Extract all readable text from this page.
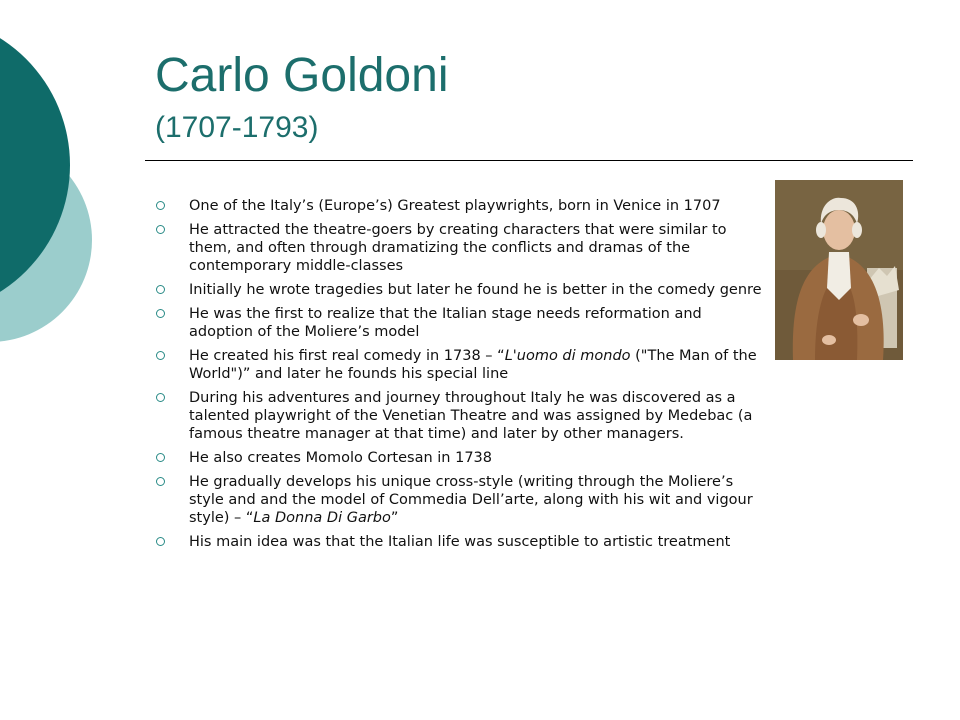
Carlo Goldoni
(1707-1793)
One of the Italy’s (Europe’s) Greatest playwrights, born in Venice in 1707
He attracted the theatre-goers by creating characters that were similar to them, and often through dramatizing the conflicts and dramas of the contemporary middle-classes
Initially he wrote tragedies but later he found he is better in the comedy genre
He was the first to realize that the Italian stage needs reformation and adoption of the Moliere’s model
He created his first real comedy in 1738 – “L'uomo di mondo ("The Man of the World")” and later he founds his special line
During his adventures and journey throughout Italy he was discovered as a talented playwright of the Venetian Theatre and was assigned by Medebac (a famous theatre manager at that time) and later by other managers.
He also creates Momolo Cortesan in 1738
He gradually develops his unique cross-style (writing through the Moliere’s style and and the model of Commedia Dell’arte, along with his wit and vigour style) – “La Donna Di Garbo”
His main idea was that the Italian life was susceptible to artistic treatment
